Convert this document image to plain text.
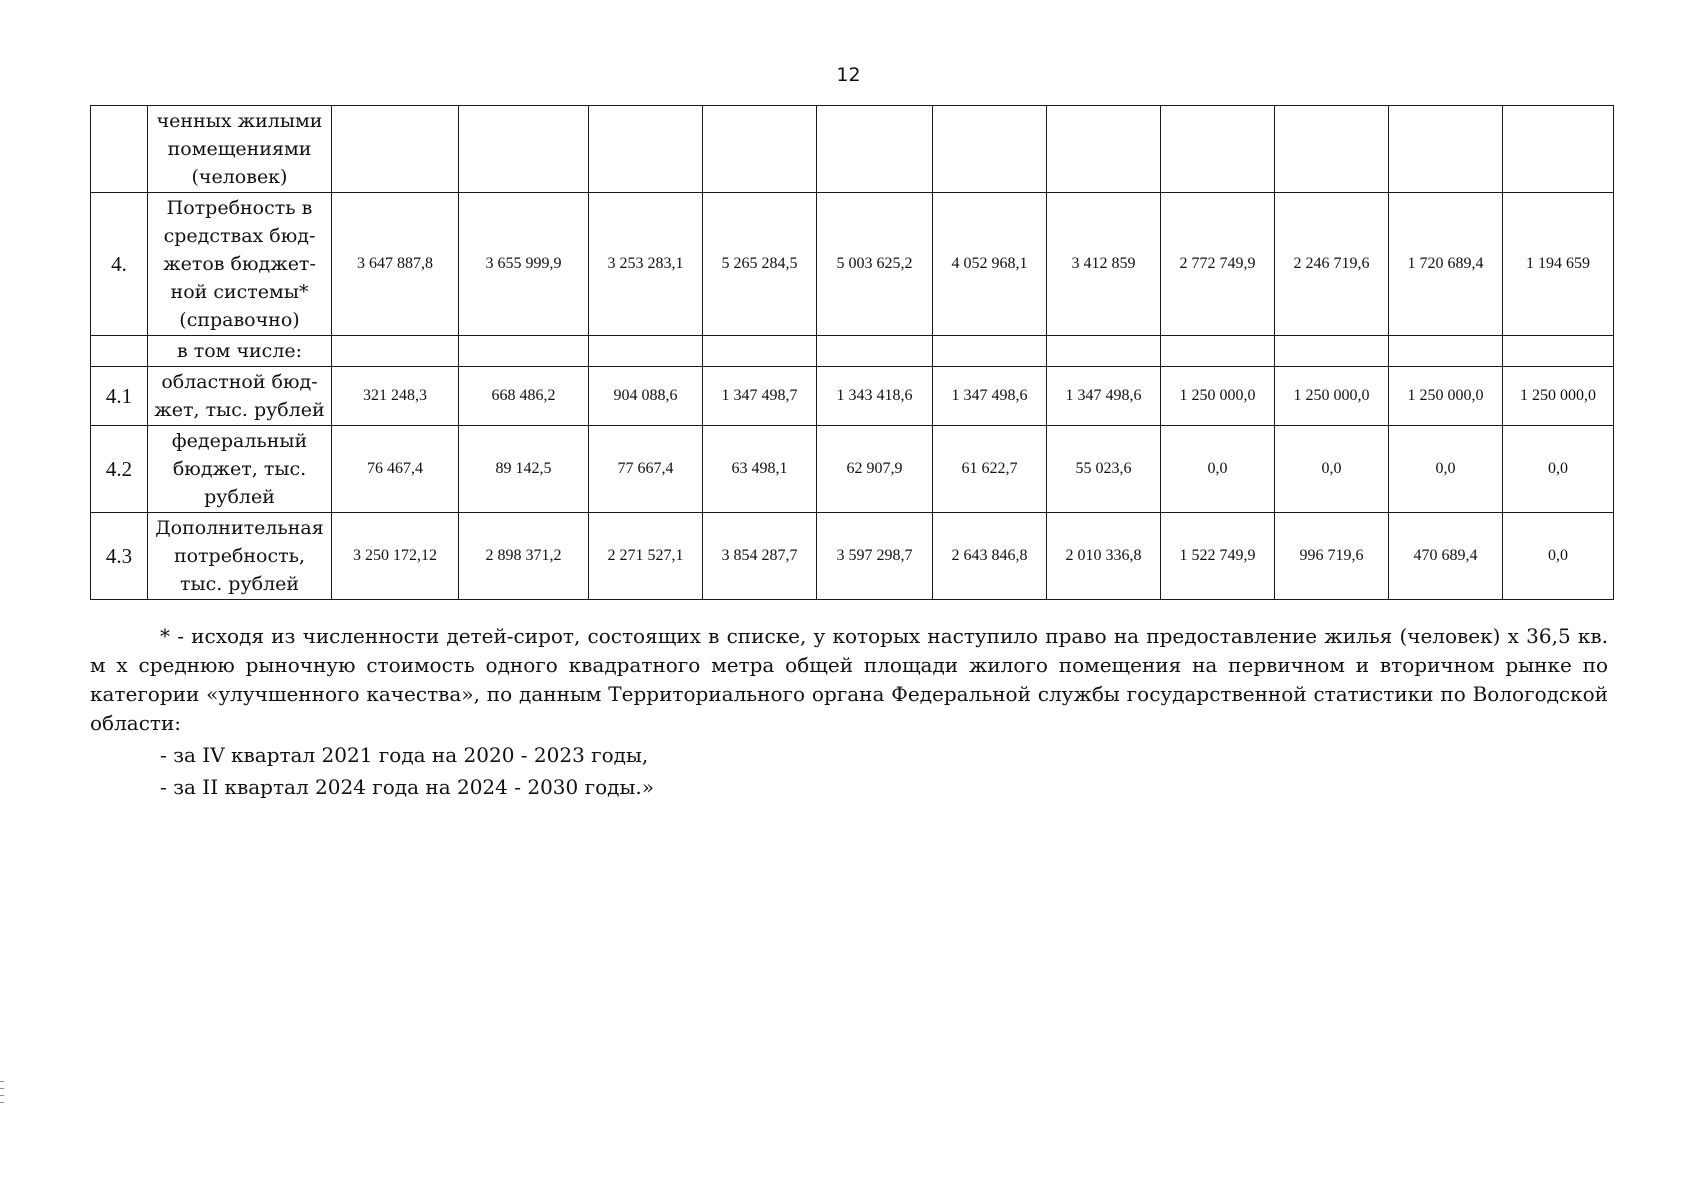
12
	ченных жилыми помещениями (человек)											
4.	Потребность в средствах бюд-жетов бюджет-ной системы* (справочно)	3 647 887,8	3 655 999,9	3 253 283,1	5 265 284,5	5 003 625,2	4 052 968,1	3 412 859	2 772 749,9	2 246 719,6	1 720 689,4	1 194 659
	в том числе:											
4.1	областной бюд-жет, тыс. рублей	321 248,3	668 486,2	904 088,6	1 347 498,7	1 343 418,6	1 347 498,6	1 347 498,6	1 250 000,0	1 250 000,0	1 250 000,0	1 250 000,0
4.2	федеральный бюджет, тыс. рублей	76 467,4	89 142,5	77 667,4	63 498,1	62 907,9	61 622,7	55 023,6	0,0	0,0	0,0	0,0
4.3	Дополнительная потребность, тыс. рублей	3 250 172,12	2 898 371,2	2 271 527,1	3 854 287,7	3 597 298,7	2 643 846,8	2 010 336,8	1 522 749,9	996 719,6	470 689,4	0,0

* - исходя из численности детей-сирот, состоящих в списке, у которых наступило право на предоставление жилья (человек) х 36,5 кв. м х среднюю рыночную стоимость одного квадратного метра общей площади жилого помещения на первичном и вторичном рынке по категории «улучшенного качества», по данным Территориального органа Федеральной службы государственной статистики по Вологодской области:

- за IV квартал 2021 года на 2020 - 2023 годы,

- за II квартал 2024 года на 2024 - 2030 годы.»

—
—
—
—
